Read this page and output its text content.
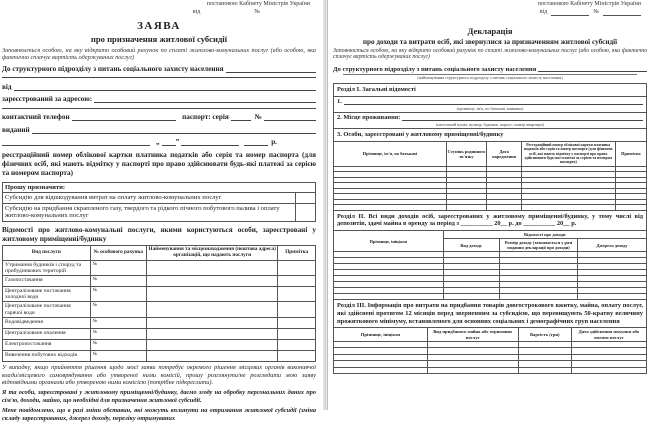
постановою Кабінету Міністрів України
від	№
ЗАЯВА
про призначення житлової субсидії
Заповнюється особою, на яку відкрито особовий рахунок по сплаті житлово-комунальних послуг (або особою, яка фактично сплачує вартість одержуваних послуг)
До структурного підрозділу з питань соціального захисту населення
від
зареєстрований за адресою:
контактний телефон	паспорт: серія	№
виданий
„ ”	р.
реєстраційний номер облікової картки платника податків або серія та номер паспорта (для фізичних осіб, які мають відмітку у паспорті про право здійснювати будь-які платежі за серією та номером паспорта)
Прошу призначити:	
Субсидію для відшкодування витрат на оплату житлово-комунальних послуг	
Субсидію на придбання скрапленого газу, твердого та рідкого пічного побутового палива і оплату житлово-комунальних послуг	
Відомості про житлово-комунальні послуги, якими користуються особи, зареєстровані у житловому приміщенні/будинку
Вид послуги	№ особового рахунка	Найменування та місцезнаходження (поштова адреса) організацій, що надають послуги	Примітка
Утримання будинків і споруд та прибудинкових територій	№		
Газопостачання	№		
Централізоване постачання холодної води	№		
Централізоване постачання гарячої води	№		
Водовідведення	№		
Централізоване опалення	№		
Електропостачання	№		
Вивезення побутових відходів	№		
У випадку, якщо прийняття рішення щодо моєї заяви потребує окремого рішення місцевих органів виконавчої влади/місцевого самоврядування або утвореної ними комісій, прошу розглянути/не розглядати мою заяву відповідними органами або утвореною ними комісією (потрібне підкреслити).
Я та особи, зареєстровані у житловому приміщенні/будинку, даємо згоду на обробку персональних даних про сім'ю, доходи, майно, що необхідні для призначення житлової субсидії.
Мене повідомлено, що в разі зміни обставин, які можуть вплинути на отримання житлової субсидії (зміна складу зареєстрованих, джерел доходу, переліку отримуваних
постановою Кабінету Міністрів України
від	№
Декларація
про доходи та витрати осіб, які звернулися за призначенням житлової субсидії
Заповнюється особою, на яку відкрито особовий рахунок по сплаті житлово-комунальних послуг (або особою, яка фактично сплачує вартість одержуваних послуг)
До структурного підрозділу з питань соціального захисту населення
(найменування структурного підрозділу з питань соціального захисту населення)
Розділ I. Загальні відомості
1.
(прізвище, ім'я, по батькові заявника)
2. Місце проживання:
(населений пункт, вулиця, будинок, корпус, номер квартири)
3. Особи, зареєстровані у житловому приміщенні/будинку
Прізвище, ім'я, по батькові	Ступінь родинного зв'язку	Дата народження	Реєстраційний номер облікової картки платника податків або серія та номер паспорта (для фізичних осіб, які мають відмітку у паспорті про право здійснювати будь-які платежі за серією та номером паспорта)	Примітка

Розділ II. Всі види доходів осіб, зареєстрованих у житловому приміщенні/будинку, у тому числі від депозитів, здачі майна в оренду за період з __________ 20__ р. до __________ 20__ р.
Прізвище, ініціали	Відомості про доходи		
	Вид доходу	Розмір доходу (зазначається у разі подання декларації про доходи)	Джерело доходу

Розділ III. Інформація про витрати на придбання товарів довгострокового вжитку, майна, оплату послуг, які здійснені протягом 12 місяців перед зверненням за субсидією, що перевищують 50-кратну величину прожиткового мінімуму, встановленого для основних соціальних і демографічних груп населення
Прізвище, ініціали	Вид придбаного майна або отриманих послуг	Вартість (грн)	Дата здійснення покупки або оплати послуг
